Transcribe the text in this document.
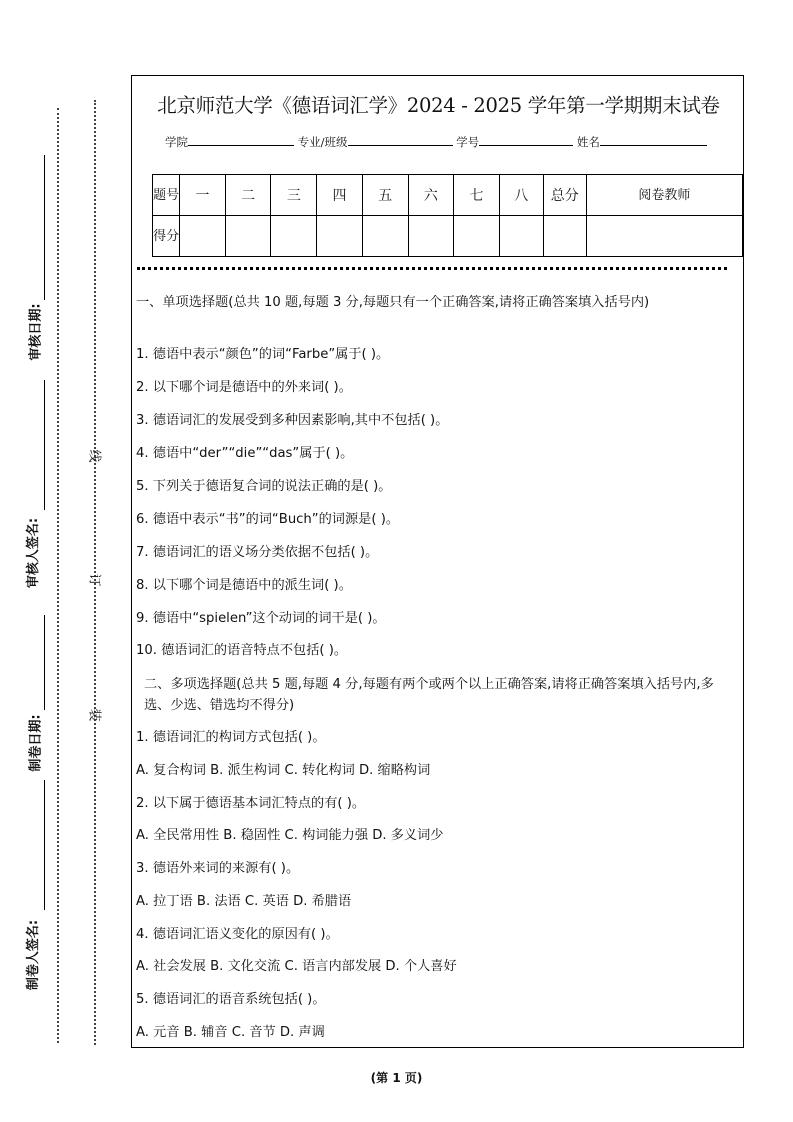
审核日期:
审核人签名:
制卷日期:
制卷人签名:
线
订
装
北京师范大学《德语词汇学》2024 - 2025 学年第一学期期末试卷
学院	专业/班级	学号	姓名
题号	一	二	三	四	五	六	七	八	总分	阅卷教师
得分										
一、单项选择题(总共 10 题,每题 3 分,每题只有一个正确答案,请将正确答案填入括号内)
1. 德语中表示“颜色”的词“Farbe”属于( )。
2. 以下哪个词是德语中的外来词( )。
3. 德语词汇的发展受到多种因素影响,其中不包括( )。
4. 德语中“der”“die”“das”属于( )。
5. 下列关于德语复合词的说法正确的是( )。
6. 德语中表示“书”的词“Buch”的词源是( )。
7. 德语词汇的语义场分类依据不包括( )。
8. 以下哪个词是德语中的派生词( )。
9. 德语中“spielen”这个动词的词干是( )。
10. 德语词汇的语音特点不包括( )。
二、多项选择题(总共 5 题,每题 4 分,每题有两个或两个以上正确答案,请将正确答案填入括号内,多选、少选、错选均不得分)
1. 德语词汇的构词方式包括( )。
A. 复合构词 B. 派生构词 C. 转化构词 D. 缩略构词
2. 以下属于德语基本词汇特点的有( )。
A. 全民常用性 B. 稳固性 C. 构词能力强 D. 多义词少
3. 德语外来词的来源有( )。
A. 拉丁语 B. 法语 C. 英语 D. 希腊语
4. 德语词汇语义变化的原因有( )。
A. 社会发展 B. 文化交流 C. 语言内部发展 D. 个人喜好
5. 德语词汇的语音系统包括( )。
A. 元音 B. 辅音 C. 音节 D. 声调
(第 1 页)
